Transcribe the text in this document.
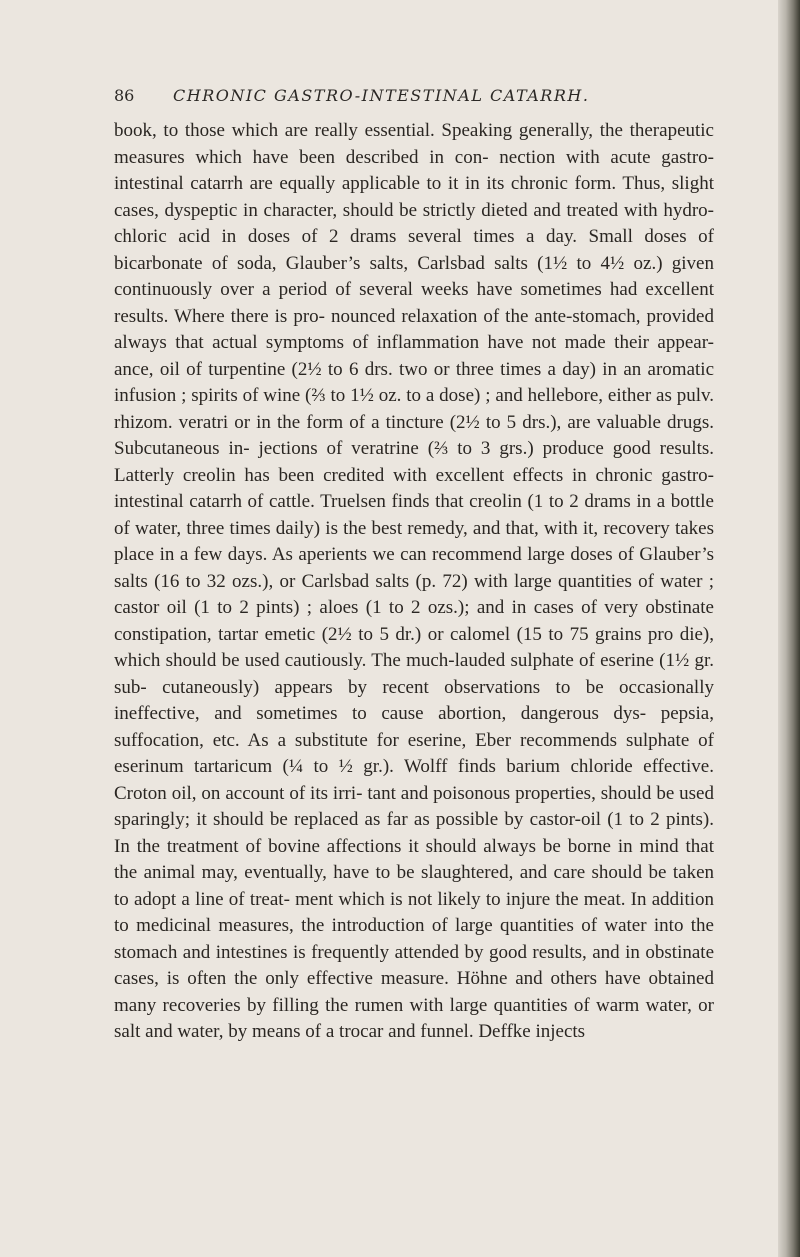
86 CHRONIC GASTRO-INTESTINAL CATARRH.

book, to those which are really essential. Speaking generally, the therapeutic measures which have been described in con- nection with acute gastro-intestinal catarrh are equally applicable to it in its chronic form. Thus, slight cases, dyspeptic in character, should be strictly dieted and treated with hydro- chloric acid in doses of 2 drams several times a day. Small doses of bicarbonate of soda, Glauber’s salts, Carlsbad salts (1½ to 4½ oz.) given continuously over a period of several weeks have sometimes had excellent results. Where there is pro- nounced relaxation of the ante-stomach, provided always that actual symptoms of inflammation have not made their appear- ance, oil of turpentine (2½ to 6 drs. two or three times a day) in an aromatic infusion ; spirits of wine (⅔ to 1½ oz. to a dose) ; and hellebore, either as pulv. rhizom. veratri or in the form of a tincture (2½ to 5 drs.), are valuable drugs. Subcutaneous in- jections of veratrine (⅔ to 3 grs.) produce good results. Latterly creolin has been credited with excellent effects in chronic gastro- intestinal catarrh of cattle. Truelsen finds that creolin (1 to 2 drams in a bottle of water, three times daily) is the best remedy, and that, with it, recovery takes place in a few days. As aperients we can recommend large doses of Glauber’s salts (16 to 32 ozs.), or Carlsbad salts (p. 72) with large quantities of water ; castor oil (1 to 2 pints) ; aloes (1 to 2 ozs.); and in cases of very obstinate constipation, tartar emetic (2½ to 5 dr.) or calomel (15 to 75 grains pro die), which should be used cautiously. The much-lauded sulphate of eserine (1½ gr. sub- cutaneously) appears by recent observations to be occasionally ineffective, and sometimes to cause abortion, dangerous dys- pepsia, suffocation, etc. As a substitute for eserine, Eber recommends sulphate of eserinum tartaricum (¼ to ½ gr.). Wolff finds barium chloride effective. Croton oil, on account of its irri- tant and poisonous properties, should be used sparingly; it should be replaced as far as possible by castor-oil (1 to 2 pints). In the treatment of bovine affections it should always be borne in mind that the animal may, eventually, have to be slaughtered, and care should be taken to adopt a line of treat- ment which is not likely to injure the meat. In addition to medicinal measures, the introduction of large quantities of water into the stomach and intestines is frequently attended by good results, and in obstinate cases, is often the only effective measure. Höhne and others have obtained many recoveries by filling the rumen with large quantities of warm water, or salt and water, by means of a trocar and funnel. Deffke injects
